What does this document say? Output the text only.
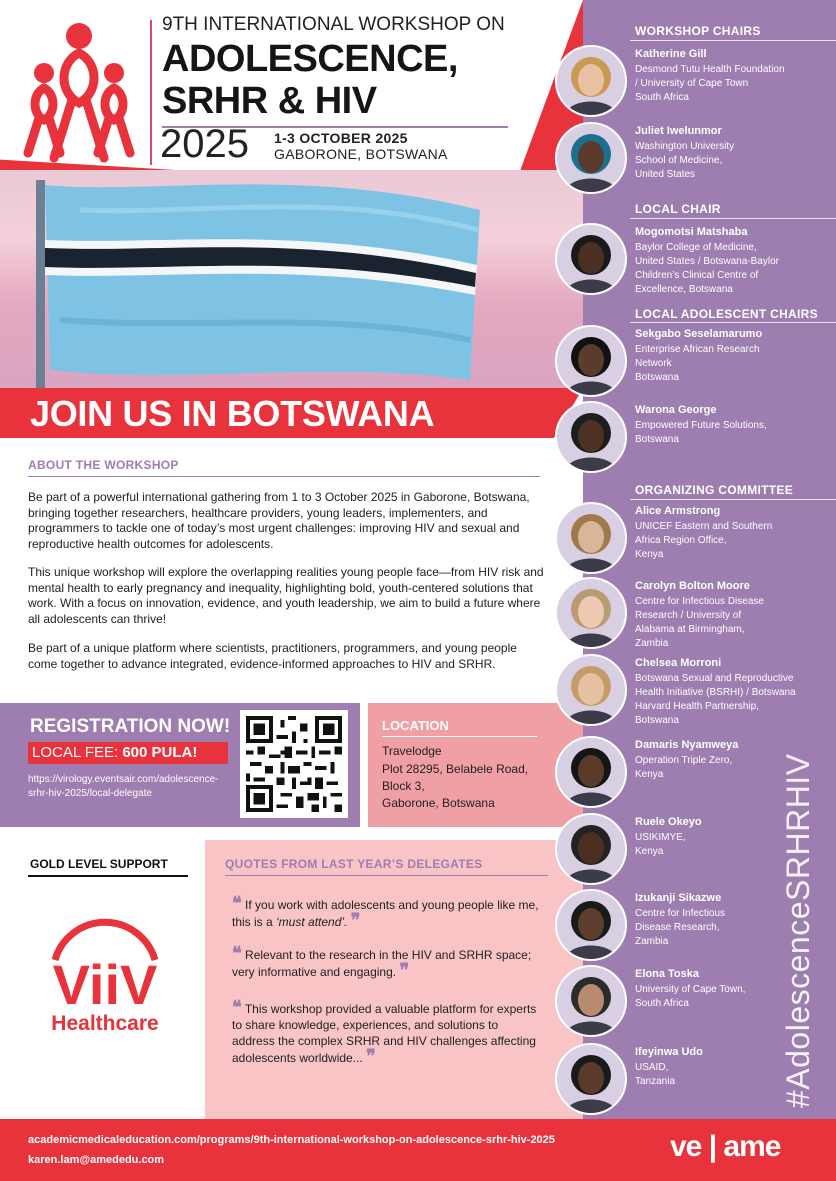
9TH INTERNATIONAL WORKSHOP ON
ADOLESCENCE,
SRHR & HIV
2025 1-3 OCTOBER 2025
GABORONE, BOTSWANA
JOIN US IN BOTSWANA
ABOUT THE WORKSHOP
Be part of a powerful international gathering from 1 to 3 October 2025 in Gaborone, Botswana, bringing together researchers, healthcare providers, young leaders, implementers, and programmers to tackle one of today’s most urgent challenges: improving HIV and sexual and reproductive health outcomes for adolescents.
This unique workshop will explore the overlapping realities young people face—from HIV risk and mental health to early pregnancy and inequality, highlighting bold, youth-centered solutions that work. With a focus on innovation, evidence, and youth leadership, we aim to build a future where all adolescents can thrive!
Be part of a unique platform where scientists, practitioners, programmers, and young people come together to advance integrated, evidence-informed approaches to HIV and SRHR.
REGISTRATION NOW!
LOCAL FEE: 600 PULA!
https://virology.eventsair.com/adolescence-srhr-hiv-2025/local-delegate
LOCATION
Travelodge
Plot 28295, Belabele Road,
Block 3,
Gaborone, Botswana
GOLD LEVEL SUPPORT
ViiV
Healthcare
QUOTES FROM LAST YEAR’S DELEGATES
❝ If you work with adolescents and young people like me, this is a ‘must attend’. ❞
❝ Relevant to the research in the HIV and SRHR space; very informative and engaging. ❞
❝ This workshop provided a valuable platform for experts to share knowledge, experiences, and solutions to address the complex SRHR and HIV challenges affecting adolescents worldwide... ❞
WORKSHOP CHAIRS
LOCAL CHAIR
LOCAL ADOLESCENT CHAIRS
ORGANIZING COMMITTEE
Katherine Gill
Desmond Tutu Health Foundation
/ University of Cape Town
South Africa
Juliet Iwelunmor
Washington University
School of Medicine,
United States
Mogomotsi Matshaba
Baylor College of Medicine,
United States / Botswana-Baylor
Children’s Clinical Centre of
Excellence, Botswana
Sekgabo Seselamarumo
Enterprise African Research
Network
Botswana
Warona George
Empowered Future Solutions,
Botswana
Alice Armstrong
UNICEF Eastern and Southern
Africa Region Office,
Kenya
Carolyn Bolton Moore
Centre for Infectious Disease
Research / University of
Alabama at Birmingham,
Zambia
Chelsea Morroni
Botswana Sexual and Reproductive
Health Initiative (BSRHI) / Botswana
Harvard Health Partnership,
Botswana
Damaris Nyamweya
Operation Triple Zero,
Kenya
Ruele Okeyo
USIKIMYE,
Kenya
Izukanji Sikazwe
Centre for Infectious
Disease Research,
Zambia
Elona Toska
University of Cape Town,
South Africa
Ifeyinwa Udo
USAID,
Tanzania	#AdolescenceSRHRHIV
academicmedicaleducation.com/programs/9th-international-workshop-on-adolescence-srhr-hiv-2025
karen.lam@amededu.com	ve | ame
